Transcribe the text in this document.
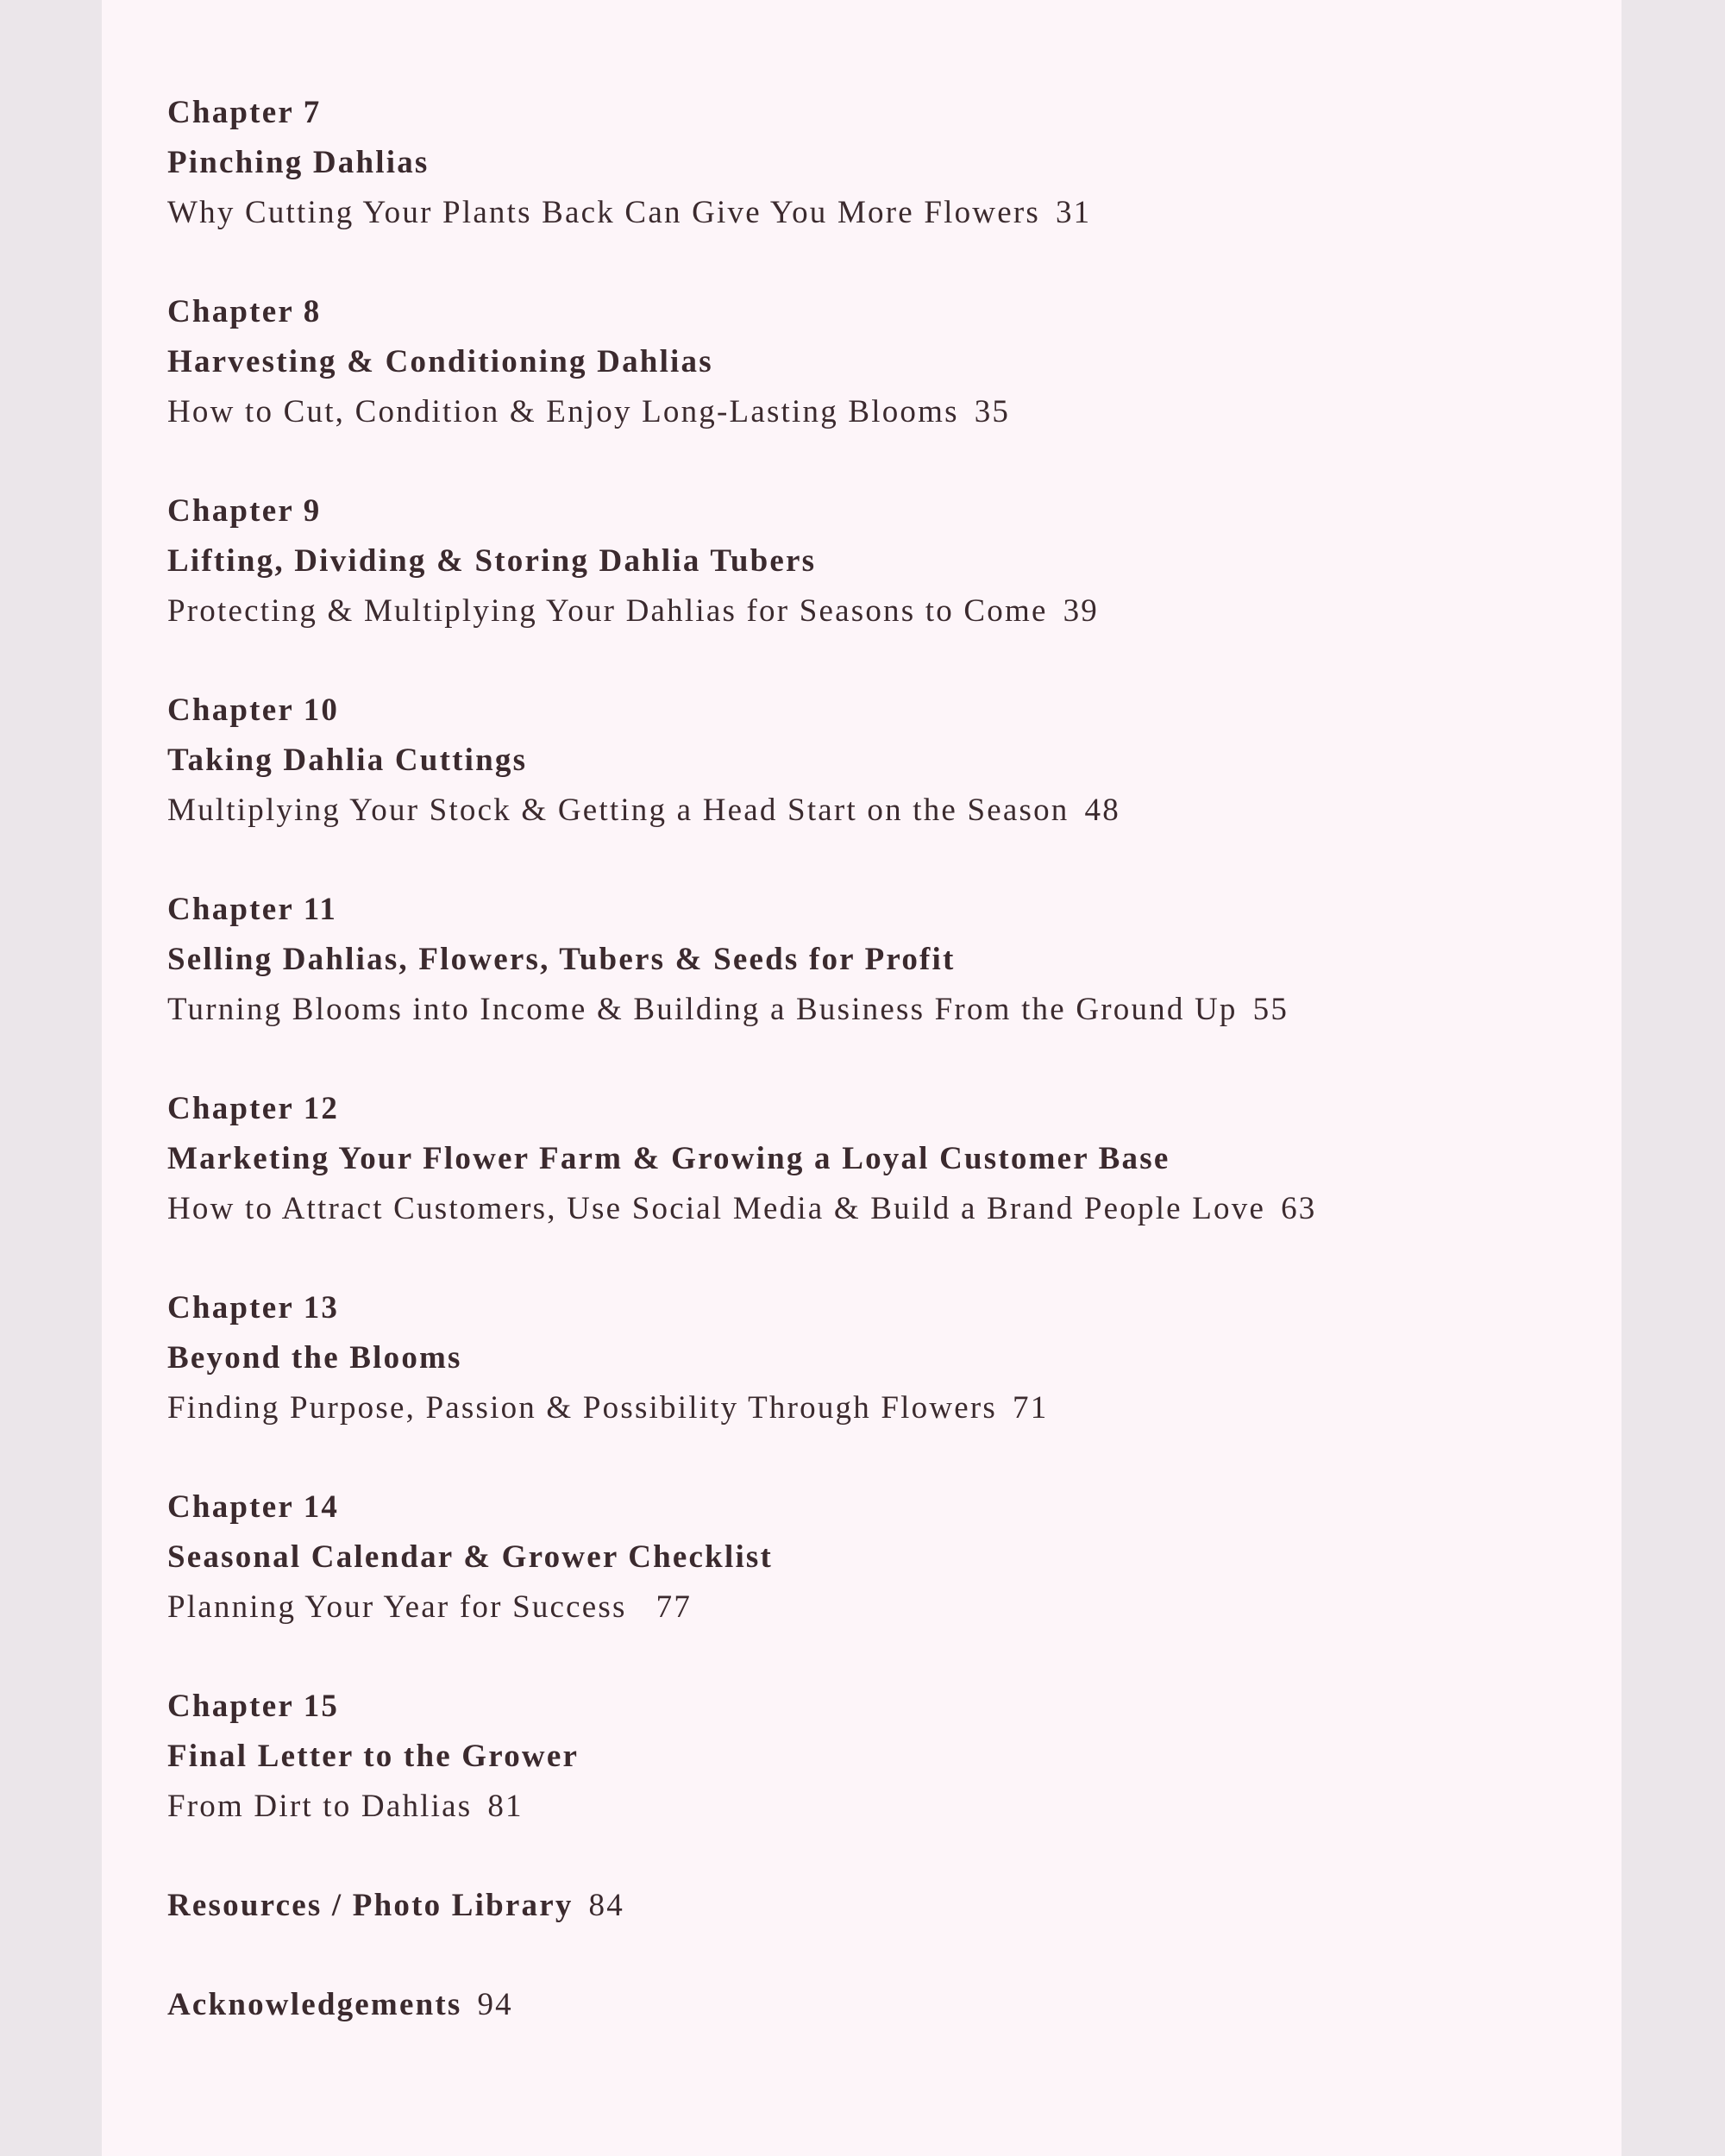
Chapter 7
Pinching Dahlias
Why Cutting Your Plants Back Can Give You More Flowers 31
Chapter 8
Harvesting & Conditioning Dahlias
How to Cut, Condition & Enjoy Long-Lasting Blooms 35
Chapter 9
Lifting, Dividing & Storing Dahlia Tubers
Protecting & Multiplying Your Dahlias for Seasons to Come 39
Chapter 10
Taking Dahlia Cuttings
Multiplying Your Stock & Getting a Head Start on the Season 48
Chapter 11
Selling Dahlias, Flowers, Tubers & Seeds for Profit
Turning Blooms into Income & Building a Business From the Ground Up 55
Chapter 12
Marketing Your Flower Farm & Growing a Loyal Customer Base
How to Attract Customers, Use Social Media & Build a Brand People Love 63
Chapter 13
Beyond the Blooms
Finding Purpose, Passion & Possibility Through Flowers 71
Chapter 14
Seasonal Calendar & Grower Checklist
Planning Your Year for Success 77
Chapter 15
Final Letter to the Grower
From Dirt to Dahlias 81
Resources / Photo Library 84
Acknowledgements 94
